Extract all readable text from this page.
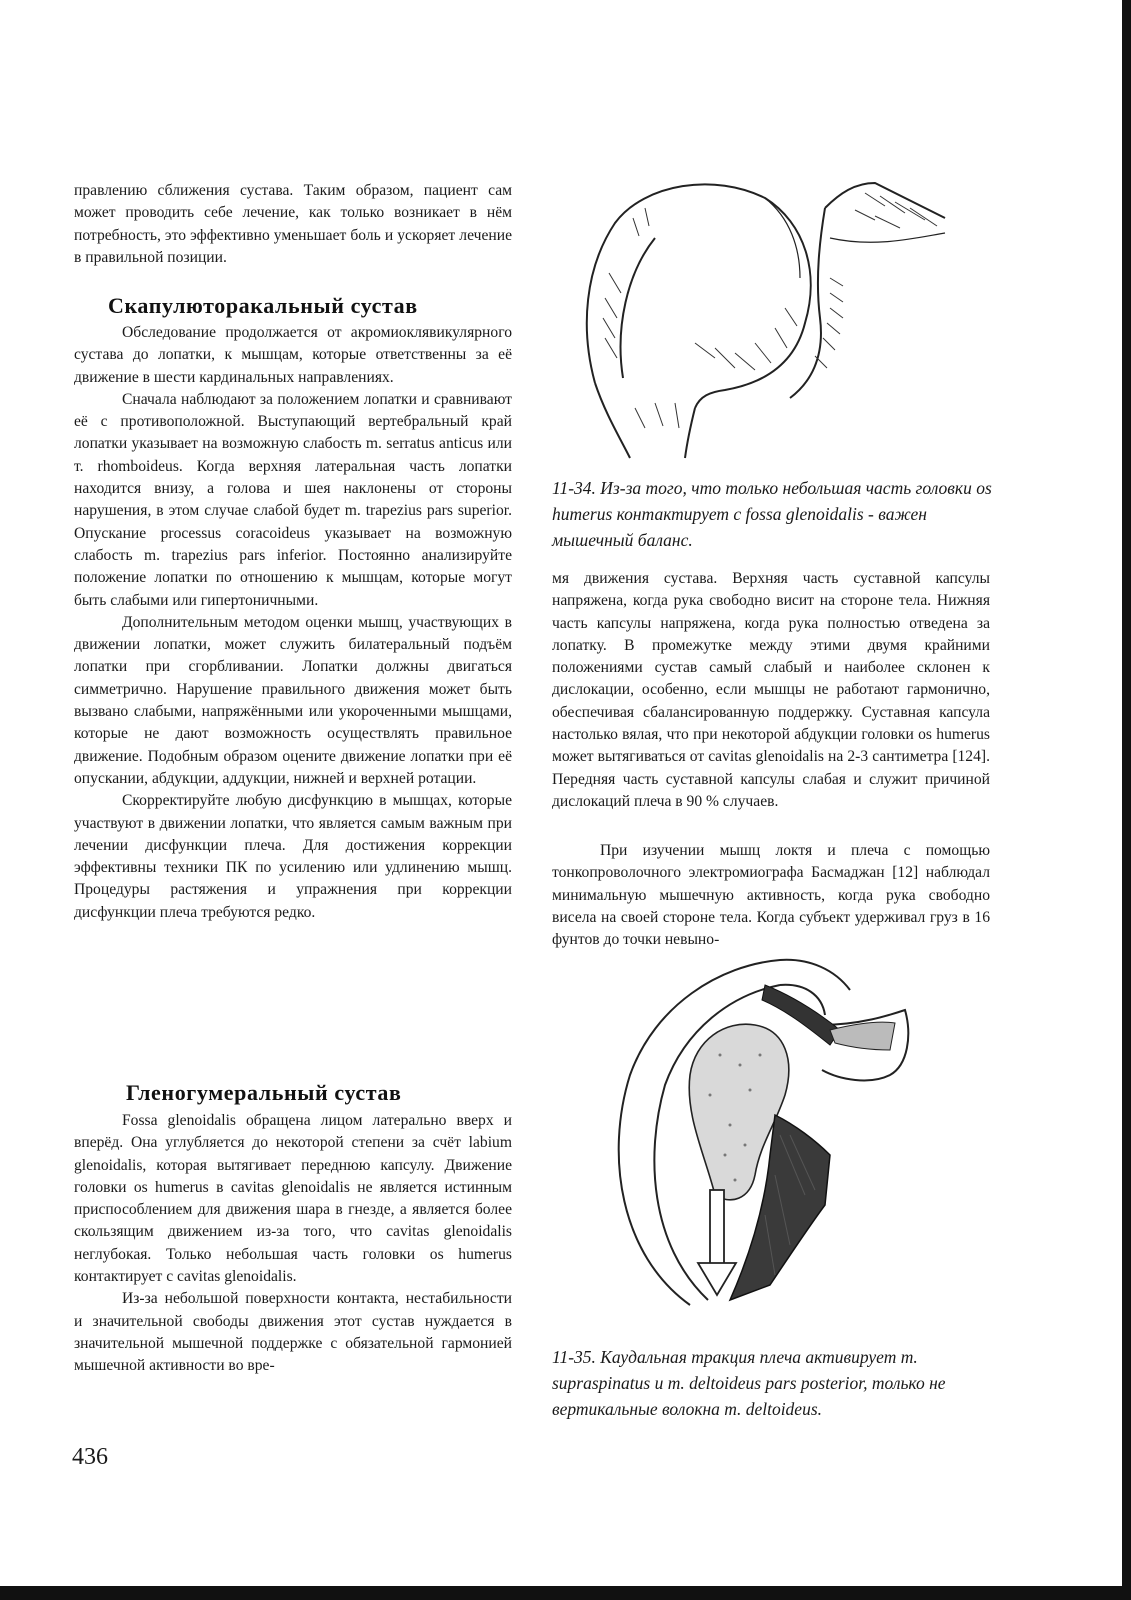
правлению сближения сустава. Таким образом, пациент сам может проводить себе лечение, как только возникает в нём потребность, это эффективно уменьшает боль и ускоряет лечение в правильной позиции.

Скапулюторакальный сустав

Обследование продолжается от акромиоклявикулярного сустава до лопатки, к мышцам, которые ответственны за её движение в шести кардинальных направлениях.

Сначала наблюдают за положением лопатки и сравнивают её с противоположной. Выступающий вертебральный край лопатки указывает на возможную слабость m. serratus anticus или т. rhomboideus. Когда верхняя латеральная часть лопатки находится внизу, а голова и шея наклонены от стороны нарушения, в этом случае слабой будет m. trapezius pars superior. Опускание processus coracoideus указывает на возможную слабость m. trapezius pars inferior. Постоянно анализируйте положение лопатки по отношению к мышцам, которые могут быть слабыми или гипертоничными.

Дополнительным методом оценки мышц, участвующих в движении лопатки, может служить билатеральный подъём лопатки при сгорбливании. Лопатки должны двигаться симметрично. Нарушение правильного движения может быть вызвано слабыми, напряжёнными или укороченными мышцами, которые не дают возможность осуществлять правильное движение. Подобным образом оцените движение лопатки при её опускании, абдукции, аддукции, нижней и верхней ротации.

Скорректируйте любую дисфункцию в мышцах, которые участвуют в движении лопатки, что является самым важным при лечении дисфункции плеча. Для достижения коррекции эффективны техники ПК по усилению или удлинению мышц. Процедуры растяжения и упражнения при коррекции дисфункции плеча требуются редко.

Гленогумеральный сустав

Fossa glenoidalis обращена лицом латерально вверх и вперёд. Она углубляется до некоторой степени за счёт labium glenoidalis, которая вытягивает переднюю капсулу. Движение головки os humerus в cavitas glenoidalis не является истинным приспособлением для движения шара в гнезде, а является более скользящим движением из-за того, что cavitas glenoidalis неглубокая. Только небольшая часть головки os humerus контактирует с cavitas glenoidalis.

Из-за небольшой поверхности контакта, нестабильности и значительной свободы движения этот сустав нуждается в значительной мышечной поддержке с обязательной гармонией мышечной активности во вре-

11-34. Из-за того, что только небольшая часть головки os humerus контактирует с fossa glenoidalis - важен мышечный баланс.

мя движения сустава. Верхняя часть суставной капсулы напряжена, когда рука свободно висит на стороне тела. Нижняя часть капсулы напряжена, когда рука полностью отведена за лопатку. В промежутке между этими двумя крайними положениями сустав самый слабый и наиболее склонен к дислокации, особенно, если мышцы не работают гармонично, обеспечивая сбалансированную поддержку. Суставная капсула настолько вялая, что при некоторой абдукции головки os humerus может вытягиваться от cavitas glenoidalis на 2-3 сантиметра [124]. Передняя часть суставной капсулы слабая и служит причиной дислокаций плеча в 90 % случаев.

При изучении мышц локтя и плеча с помощью тонкопроволочного электромиографа Басмаджан [12] наблюдал минимальную мышечную активность, когда рука свободно висела на своей стороне тела. Когда субъект удерживал груз в 16 фунтов до точки невыно-

11-35. Каудальная тракция плеча активирует m. supraspinatus и m. deltoideus pars posterior, только не вертикальные волокна m. deltoideus.
436
